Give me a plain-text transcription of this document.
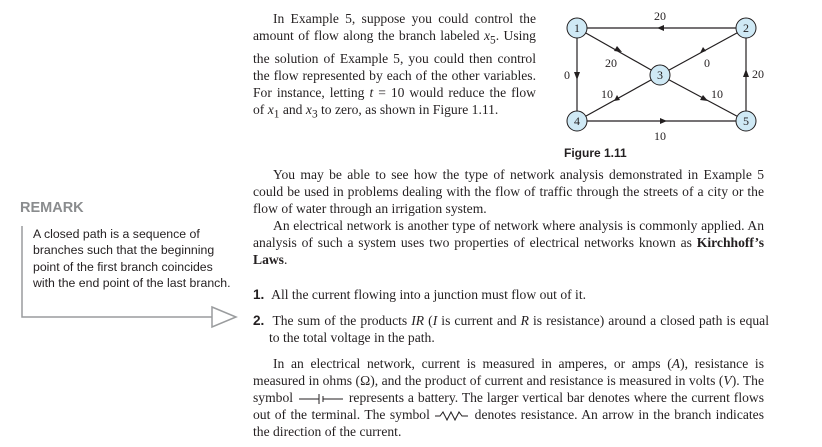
In Example 5, suppose you could control the amount of flow along the branch labeled $x_5$. Using the solution of Example 5, you could then control the flow represented by each of the other variables. For instance, letting t = 10 would reduce the flow of $x_1$ and $x_3$ to zero, as shown in Figure 1.11.

20
20	0
0	20
10	10
10
1	2
3
4	5
Figure 1.11

You may be able to see how the type of network analysis demonstrated in Example 5 could be used in problems dealing with the flow of traffic through the streets of a city or the flow of water through an irrigation system.

An electrical network is another type of network where analysis is commonly applied. An analysis of such a system uses two properties of electrical networks known as Kirchhoff’s Laws.

REMARK
A closed path is a sequence of branches such that the beginning point of the first branch coincides with the end point of the last branch.
1. All the current flowing into a junction must flow out of it.
2. The sum of the products IR (I is current and R is resistance) around a closed path is equal to the total voltage in the path.

In an electrical network, current is measured in amperes, or amps (A), resistance is measured in ohms (Ω), and the product of current and resistance is measured in volts (V). The symbol	represents a battery. The larger vertical bar denotes where the current flows out of the terminal. The symbol	denotes resistance. An arrow in the branch indicates the direction of the current.
